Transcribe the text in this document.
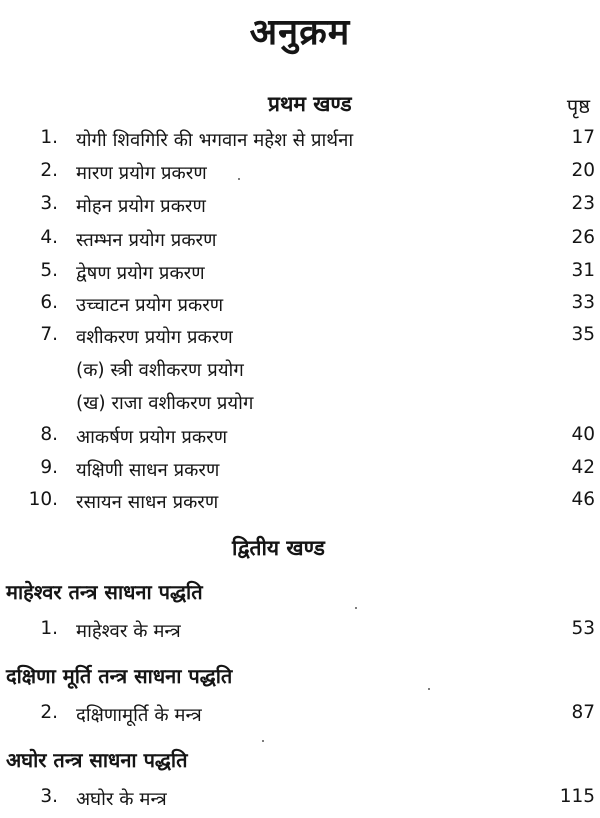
अनुक्रम
प्रथम खण्ड	पृष्ठ
1. योगी शिवगिरि की भगवान महेश से प्रार्थना	17
2. मारण प्रयोग प्रकरण	20
3. मोहन प्रयोग प्रकरण	23
4. स्तम्भन प्रयोग प्रकरण	26
5. द्वेषण प्रयोग प्रकरण	31
6. उच्चाटन प्रयोग प्रकरण	33
7. वशीकरण प्रयोग प्रकरण	35
(क) स्त्री वशीकरण प्रयोग
(ख) राजा वशीकरण प्रयोग
8. आकर्षण प्रयोग प्रकरण	40
9. यक्षिणी साधन प्रकरण	42
10. रसायन साधन प्रकरण	46
द्वितीय खण्ड
माहेश्वर तन्त्र साधना पद्धति
1. माहेश्वर के मन्त्र	53
दक्षिणा मूर्ति तन्त्र साधना पद्धति
2. दक्षिणामूर्ति के मन्त्र	87
अघोर तन्त्र साधना पद्धति
3. अघोर के मन्त्र	115
